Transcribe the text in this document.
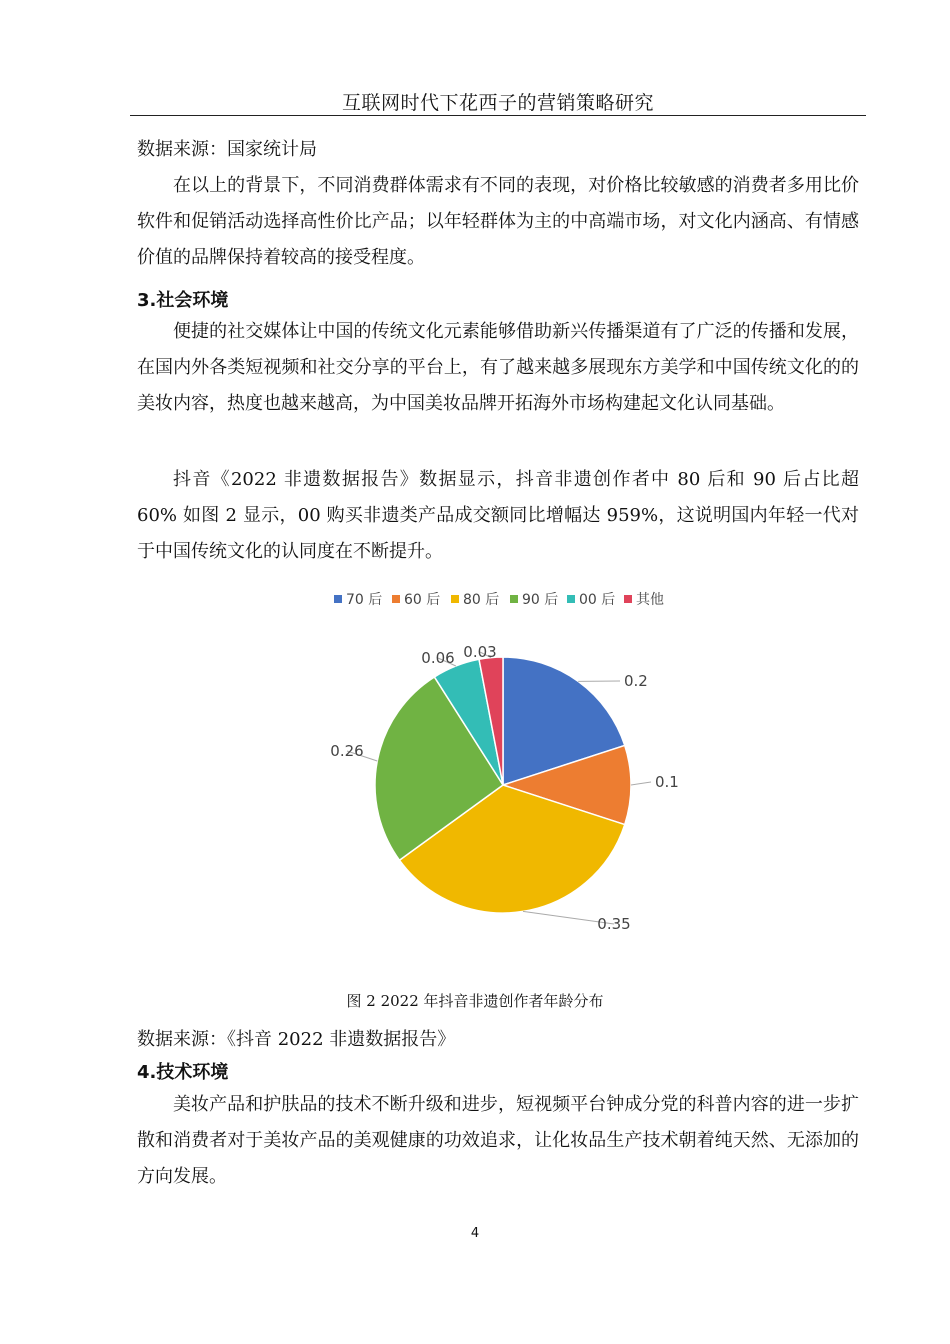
互联网时代下花西子的营销策略研究
数据来源：国家统计局

在以上的背景下，不同消费群体需求有不同的表现，对价格比较敏感的消费者多用比价软件和促销活动选择高性价比产品；以年轻群体为主的中高端市场，对文化内涵高、有情感价值的品牌保持着较高的接受程度。

3.社会环境

便捷的社交媒体让中国的传统文化元素能够借助新兴传播渠道有了广泛的传播和发展，在国内外各类短视频和社交分享的平台上，有了越来越多展现东方美学和中国传统文化的的美妆内容，热度也越来越高，为中国美妆品牌开拓海外市场构建起文化认同基础。

抖音《2022 非遗数据报告》数据显示，抖音非遗创作者中 80 后和 90 后占比超 60% 如图 2 显示，00 购买非遗类产品成交额同比增幅达 959%，这说明国内年轻一代对于中国传统文化的认同度在不断提升。

70 后 60 后 80 后 90 后 00 后 其他
0.2
0.1
0.35
0.26
0.06 0.03
图 2 2022 年抖音非遗创作者年龄分布
数据来源：《抖音 2022 非遗数据报告》
4.技术环境

美妆产品和护肤品的技术不断升级和进步，短视频平台钟成分党的科普内容的进一步扩散和消费者对于美妆产品的美观健康的功效追求，让化妆品生产技术朝着纯天然、无添加的方向发展。

4
